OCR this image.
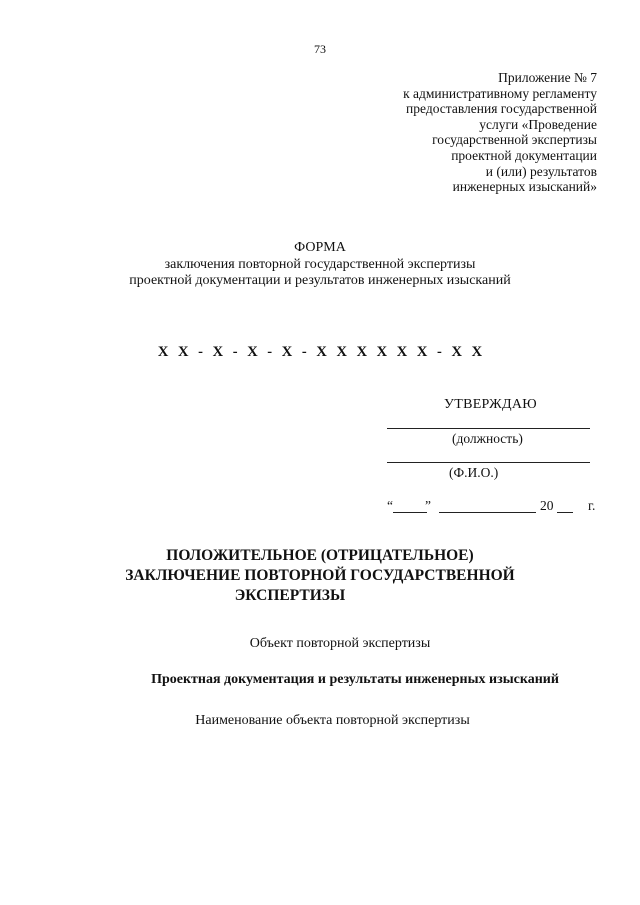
73
Приложение № 7
к административному регламенту
предоставления государственной
услуги «Проведение
государственной экспертизы
проектной документации
и (или) результатов
инженерных изысканий»
ФОРМА
заключения повторной государственной экспертизы
проектной документации и результатов инженерных изысканий
Х Х - Х - Х - Х - Х Х Х Х Х Х - Х Х
УТВЕРЖДАЮ
(должность)
(Ф.И.О.)
“ ”	20	г.
ПОЛОЖИТЕЛЬНОЕ (ОТРИЦАТЕЛЬНОЕ)
ЗАКЛЮЧЕНИЕ ПОВТОРНОЙ ГОСУДАРСТВЕННОЙ
ЭКСПЕРТИЗЫ
Объект повторной экспертизы
Проектная документация и результаты инженерных изысканий
Наименование объекта повторной экспертизы
